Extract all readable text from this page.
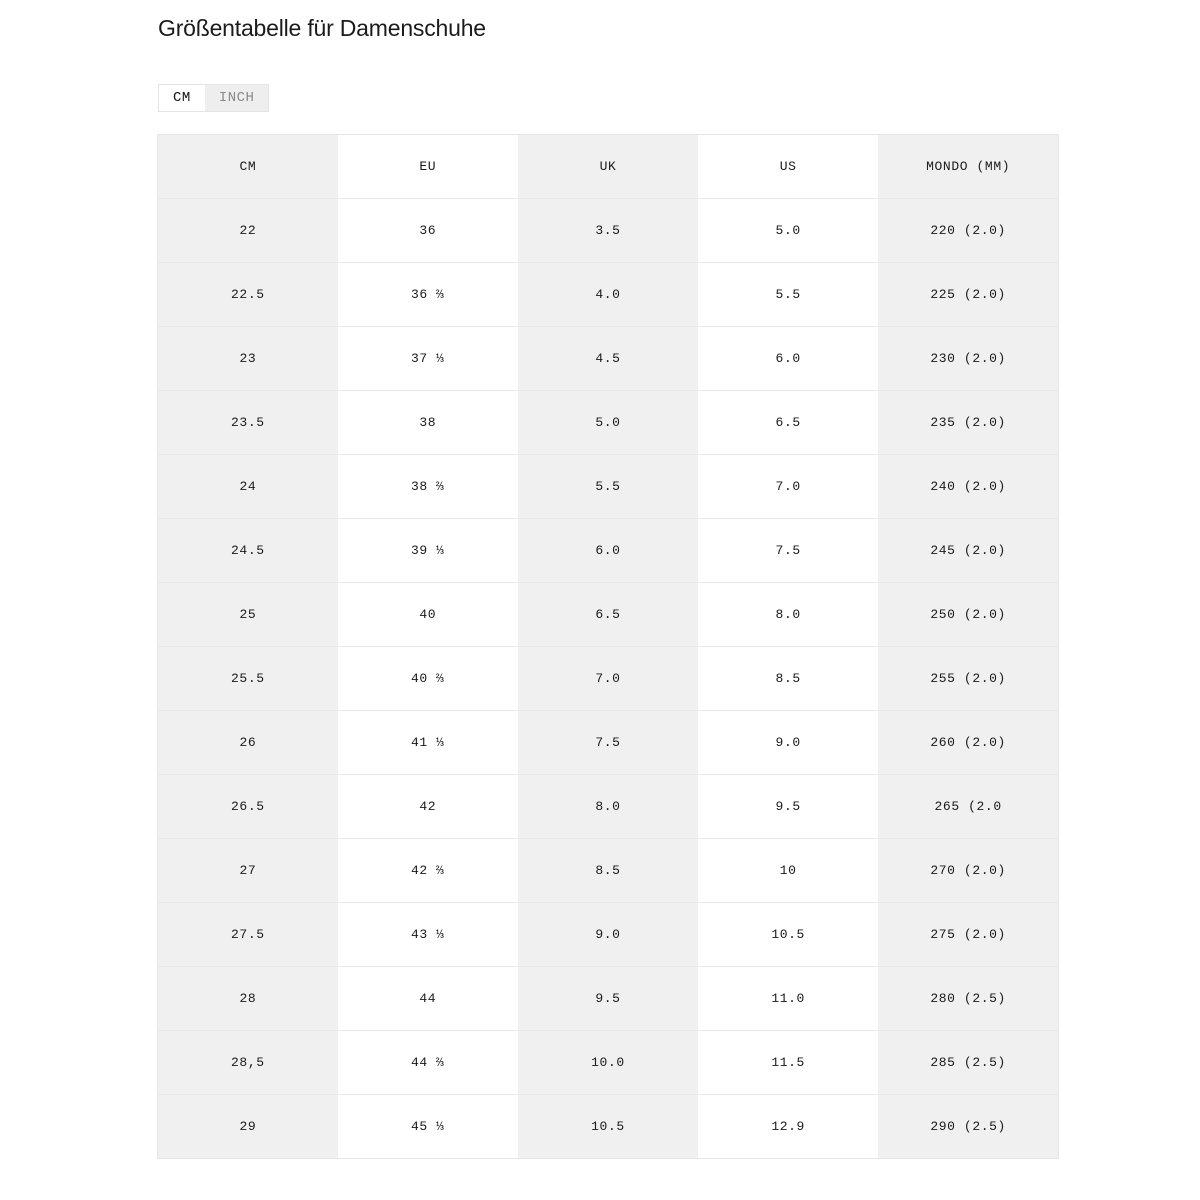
Größentabelle für Damenschuhe
CM	INCH
CM	EU	UK	US	MONDO (MM)
22	36	3.5	5.0	220 (2.0)
22.5	36 ⅔	4.0	5.5	225 (2.0)
23	37 ⅓	4.5	6.0	230 (2.0)
23.5	38	5.0	6.5	235 (2.0)
24	38 ⅔	5.5	7.0	240 (2.0)
24.5	39 ⅓	6.0	7.5	245 (2.0)
25	40	6.5	8.0	250 (2.0)
25.5	40 ⅔	7.0	8.5	255 (2.0)
26	41 ⅓	7.5	9.0	260 (2.0)
26.5	42	8.0	9.5	265 (2.0
27	42 ⅔	8.5	10	270 (2.0)
27.5	43 ⅓	9.0	10.5	275 (2.0)
28	44	9.5	11.0	280 (2.5)
28,5	44 ⅔	10.0	11.5	285 (2.5)
29	45 ⅓	10.5	12.9	290 (2.5)
